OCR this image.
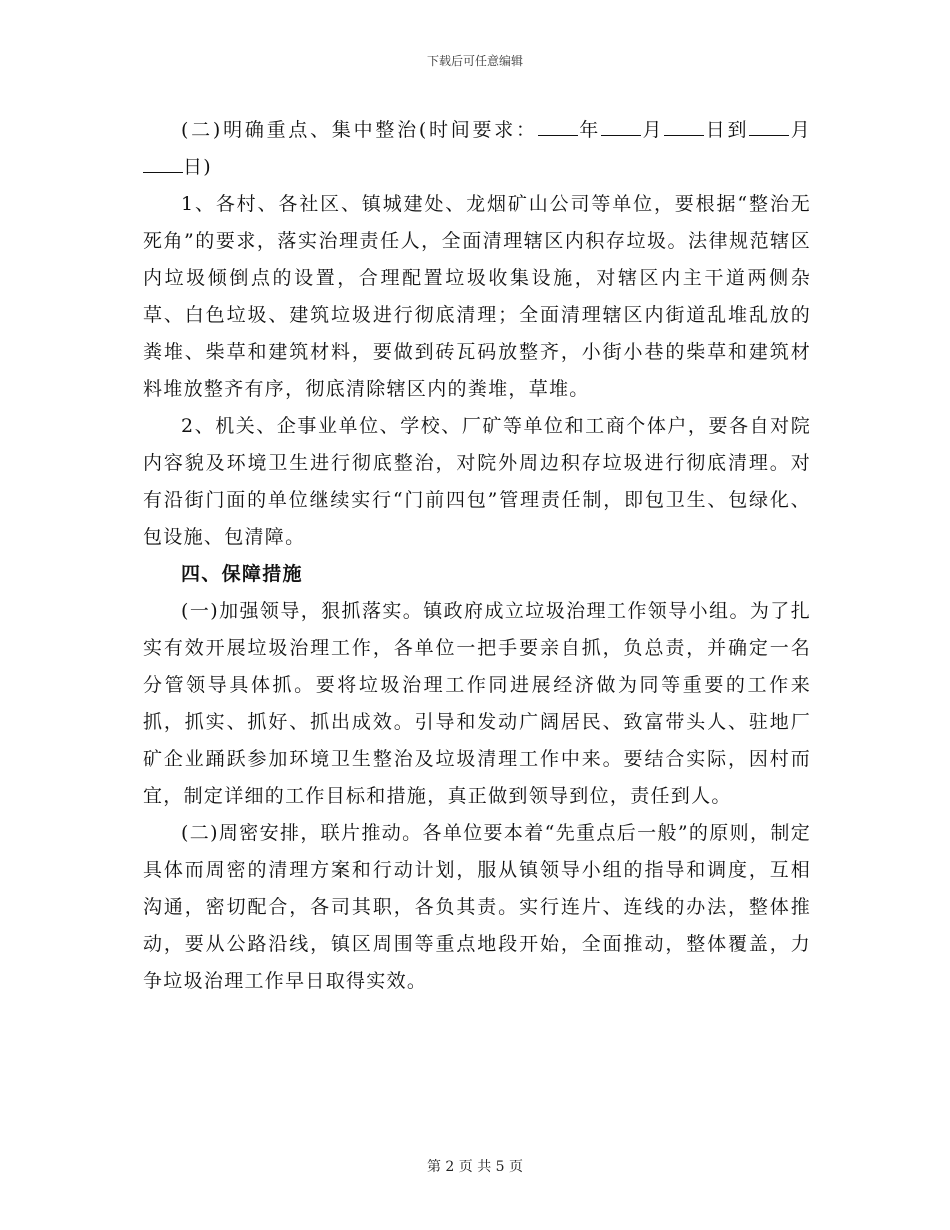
下载后可任意编辑

(二)明确重点、集中整治(时间要求： 年 月 日到 月日)

1、各村、各社区、镇城建处、龙烟矿山公司等单位，要根据“整治无死角”的要求，落实治理责任人，全面清理辖区内积存垃圾。法律规范辖区内垃圾倾倒点的设置，合理配置垃圾收集设施，对辖区内主干道两侧杂草、白色垃圾、建筑垃圾进行彻底清理；全面清理辖区内街道乱堆乱放的粪堆、柴草和建筑材料，要做到砖瓦码放整齐，小街小巷的柴草和建筑材料堆放整齐有序，彻底清除辖区内的粪堆，草堆。

2、机关、企事业单位、学校、厂矿等单位和工商个体户，要各自对院内容貌及环境卫生进行彻底整治，对院外周边积存垃圾进行彻底清理。对有沿街门面的单位继续实行“门前四包”管理责任制，即包卫生、包绿化、包设施、包清障。

四、保障措施

(一)加强领导，狠抓落实。镇政府成立垃圾治理工作领导小组。为了扎实有效开展垃圾治理工作，各单位一把手要亲自抓，负总责，并确定一名分管领导具体抓。要将垃圾治理工作同进展经济做为同等重要的工作来抓，抓实、抓好、抓出成效。引导和发动广阔居民、致富带头人、驻地厂矿企业踊跃参加环境卫生整治及垃圾清理工作中来。要结合实际，因村而宜，制定详细的工作目标和措施，真正做到领导到位，责任到人。

(二)周密安排，联片推动。各单位要本着“先重点后一般”的原则，制定具体而周密的清理方案和行动计划，服从镇领导小组的指导和调度，互相沟通，密切配合，各司其职，各负其责。实行连片、连线的办法，整体推动，要从公路沿线，镇区周围等重点地段开始，全面推动，整体覆盖，力争垃圾治理工作早日取得实效。

第 2 页 共 5 页
